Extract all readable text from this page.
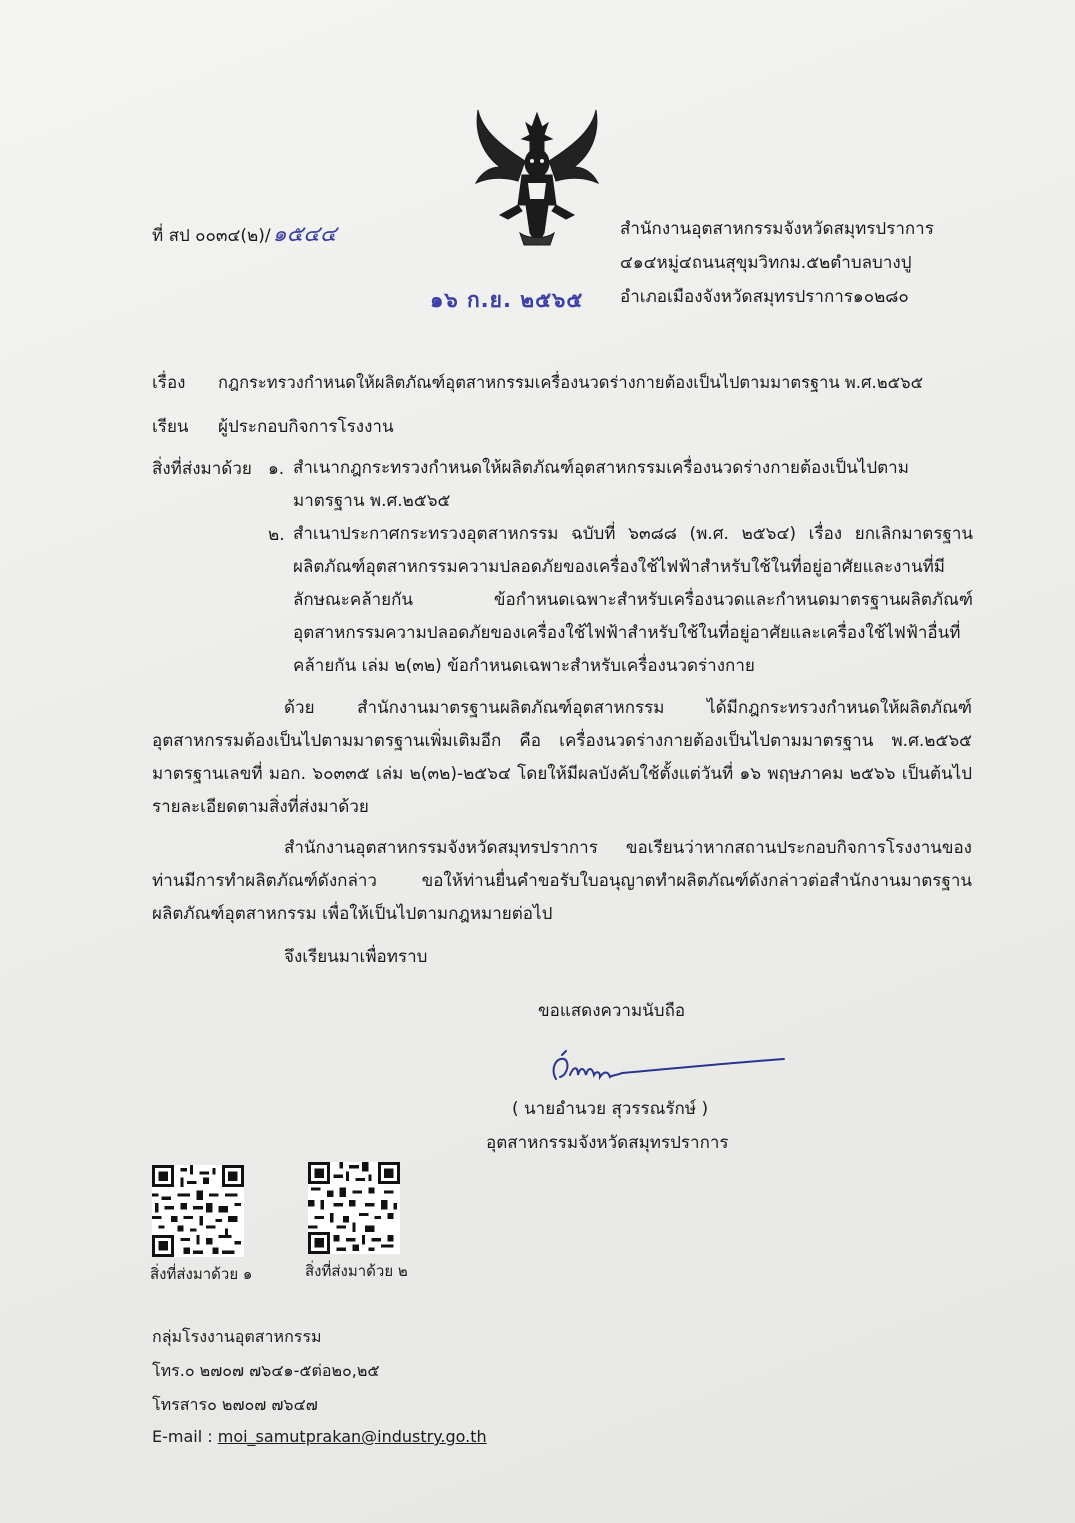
ที่ สป ๐๐๓๔(๒)/๑๕๔๔
๑๖ ก.ย. ๒๕๖๕
สำนักงานอุตสาหกรรมจังหวัดสมุทรปราการ
๔๑๔หมู่๔ถนนสุขุมวิทกม.๕๒ตำบลบางปู
อำเภอเมืองจังหวัดสมุทรปราการ๑๐๒๘๐
เรื่อง กฎกระทรวงกำหนดให้ผลิตภัณฑ์อุตสาหกรรมเครื่องนวดร่างกายต้องเป็นไปตามมาตรฐาน พ.ศ.๒๕๖๕
เรียน ผู้ประกอบกิจการโรงงาน
สิ่งที่ส่งมาด้วย ๑. สำเนากฎกระทรวงกำหนดให้ผลิตภัณฑ์อุตสาหกรรมเครื่องนวดร่างกายต้องเป็นไปตามมาตรฐาน พ.ศ.๒๕๖๕
๒. สำเนาประกาศกระทรวงอุตสาหกรรม ฉบับที่ ๖๓๘๘ (พ.ศ. ๒๕๖๔) เรื่อง ยกเลิกมาตรฐานผลิตภัณฑ์อุตสาหกรรมความปลอดภัยของเครื่องใช้ไฟฟ้าสำหรับใช้ในที่อยู่อาศัยและงานที่มีลักษณะคล้ายกัน ข้อกำหนดเฉพาะสำหรับเครื่องนวดและกำหนดมาตรฐานผลิตภัณฑ์อุตสาหกรรมความปลอดภัยของเครื่องใช้ไฟฟ้าสำหรับใช้ในที่อยู่อาศัยและเครื่องใช้ไฟฟ้าอื่นที่คล้ายกัน เล่ม ๒(๓๒) ข้อกำหนดเฉพาะสำหรับเครื่องนวดร่างกาย
ด้วย สำนักงานมาตรฐานผลิตภัณฑ์อุตสาหกรรม ได้มีกฎกระทรวงกำหนดให้ผลิตภัณฑ์อุตสาหกรรมต้องเป็นไปตามมาตรฐานเพิ่มเติมอีก คือ เครื่องนวดร่างกายต้องเป็นไปตามมาตรฐาน พ.ศ.๒๕๖๕ มาตรฐานเลขที่ มอก. ๖๐๓๓๕ เล่ม ๒(๓๒)-๒๕๖๔ โดยให้มีผลบังคับใช้ตั้งแต่วันที่ ๑๖ พฤษภาคม ๒๕๖๖ เป็นต้นไป รายละเอียดตามสิ่งที่ส่งมาด้วย
สำนักงานอุตสาหกรรมจังหวัดสมุทรปราการ ขอเรียนว่าหากสถานประกอบกิจการโรงงานของท่านมีการทำผลิตภัณฑ์ดังกล่าว ขอให้ท่านยื่นคำขอรับใบอนุญาตทำผลิตภัณฑ์ดังกล่าวต่อสำนักงานมาตรฐานผลิตภัณฑ์อุตสาหกรรม เพื่อให้เป็นไปตามกฎหมายต่อไป
จึงเรียนมาเพื่อทราบ
ขอแสดงความนับถือ
( นายอำนวย สุวรรณรักษ์ )
อุตสาหกรรมจังหวัดสมุทรปราการ
สิ่งที่ส่งมาด้วย ๑	สิ่งที่ส่งมาด้วย ๒
กลุ่มโรงงานอุตสาหกรรม
โทร.๐ ๒๗๐๗ ๗๖๔๑-๕ต่อ๒๐,๒๕
โทรสาร๐ ๒๗๐๗ ๗๖๔๗
E-mail : moi_samutprakan@industry.go.th
